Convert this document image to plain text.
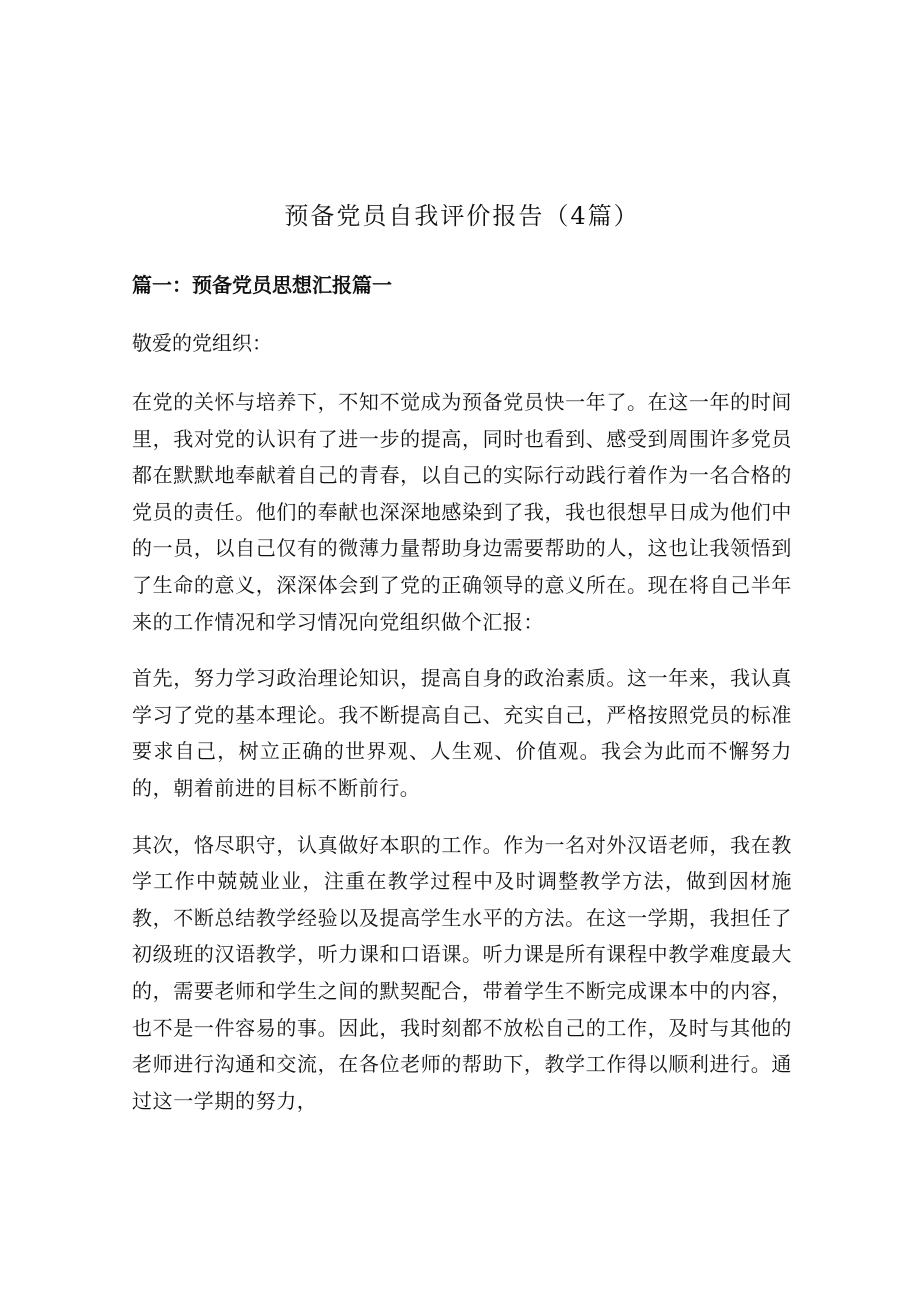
预备党员自我评价报告（4篇）
篇一：预备党员思想汇报篇一
敬爱的党组织：
在党的关怀与培养下，不知不觉成为预备党员快一年了。在这一年的时间里，我对党的认识有了进一步的提高，同时也看到、感受到周围许多党员都在默默地奉献着自己的青春，以自己的实际行动践行着作为一名合格的党员的责任。他们的奉献也深深地感染到了我，我也很想早日成为他们中的一员，以自己仅有的微薄力量帮助身边需要帮助的人，这也让我领悟到了生命的意义，深深体会到了党的正确领导的意义所在。现在将自己半年来的工作情况和学习情况向党组织做个汇报：
首先，努力学习政治理论知识，提高自身的政治素质。这一年来，我认真学习了党的基本理论。我不断提高自己、充实自己，严格按照党员的标准要求自己，树立正确的世界观、人生观、价值观。我会为此而不懈努力的，朝着前进的目标不断前行。
其次，恪尽职守，认真做好本职的工作。作为一名对外汉语老师，我在教学工作中兢兢业业，注重在教学过程中及时调整教学方法，做到因材施教，不断总结教学经验以及提高学生水平的方法。在这一学期，我担任了初级班的汉语教学，听力课和口语课。听力课是所有课程中教学难度最大的，需要老师和学生之间的默契配合，带着学生不断完成课本中的内容，也不是一件容易的事。因此，我时刻都不放松自己的工作，及时与其他的老师进行沟通和交流，在各位老师的帮助下，教学工作得以顺利进行。通过这一学期的努力，
